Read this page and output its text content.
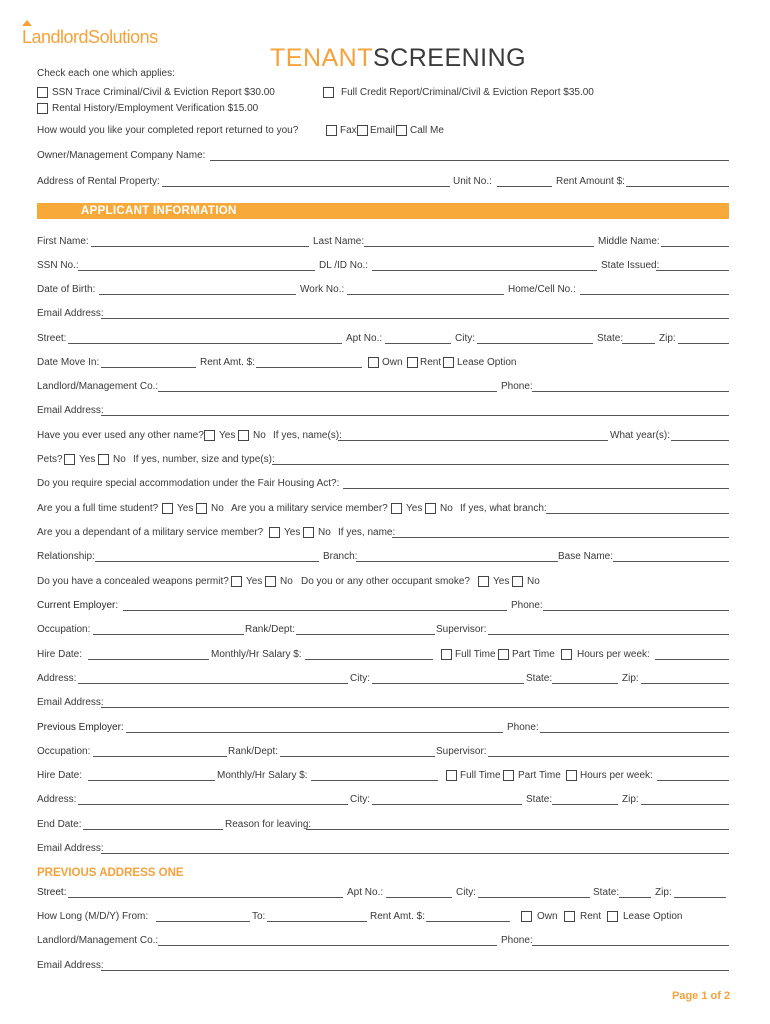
LandlordSolutions
TENANTSCREENING
Check each one which applies:
SSN Trace Criminal/Civil & Eviction Report $30.00	Full Credit Report/Criminal/Civil & Eviction Report $35.00
Rental History/Employment Verification $15.00
How would you like your completed report returned to you?	Fax Email Call Me
Owner/Management Company Name:
Address of Rental Property:	Unit No.:	Rent Amount $:
APPLICANT INFORMATION
First Name:	Last Name:	Middle Name:
SSN No.:	DL /ID No.:	State Issued:
Date of Birth:	Work No.:	Home/Cell No.:
Email Address:
Street:	Apt No.:	City:	State:	Zip:
Date Move In:	Rent Amt. $:	Own Rent Lease Option
Landlord/Management Co.:	Phone:
Email Address:
Have you ever used any other name? Yes No If yes, name(s):	What year(s):
Pets? Yes No If yes, number, size and type(s):
Do you require special accommodation under the Fair Housing Act?:
Are you a full time student? Yes No Are you a military service member? Yes No If yes, what branch:
Are you a dependant of a military service member? Yes No If yes, name:
Relationship:	Branch:	Base Name:
Do you have a concealed weapons permit? Yes No Do you or any other occupant smoke? Yes No
Current Employer:	Phone:
Occupation:	Rank/Dept:	Supervisor:
Hire Date:	Monthly/Hr Salary $:	Full Time Part Time Hours per week:
Address:	City:	State:	Zip:
Email Address:
Previous Employer:	Phone:
Occupation:	Rank/Dept:	Supervisor:
Hire Date:	Monthly/Hr Salary $:	Full Time Part Time Hours per week:
Address:	City:	State:	Zip:
End Date:	Reason for leaving:
Email Address:
PREVIOUS ADDRESS ONE
Street:	Apt No.:	City:	State:	Zip:
How Long (M/D/Y) From:	To:	Rent Amt. $:	Own Rent Lease Option
Landlord/Management Co.:	Phone:
Email Address:
Page 1 of 2
